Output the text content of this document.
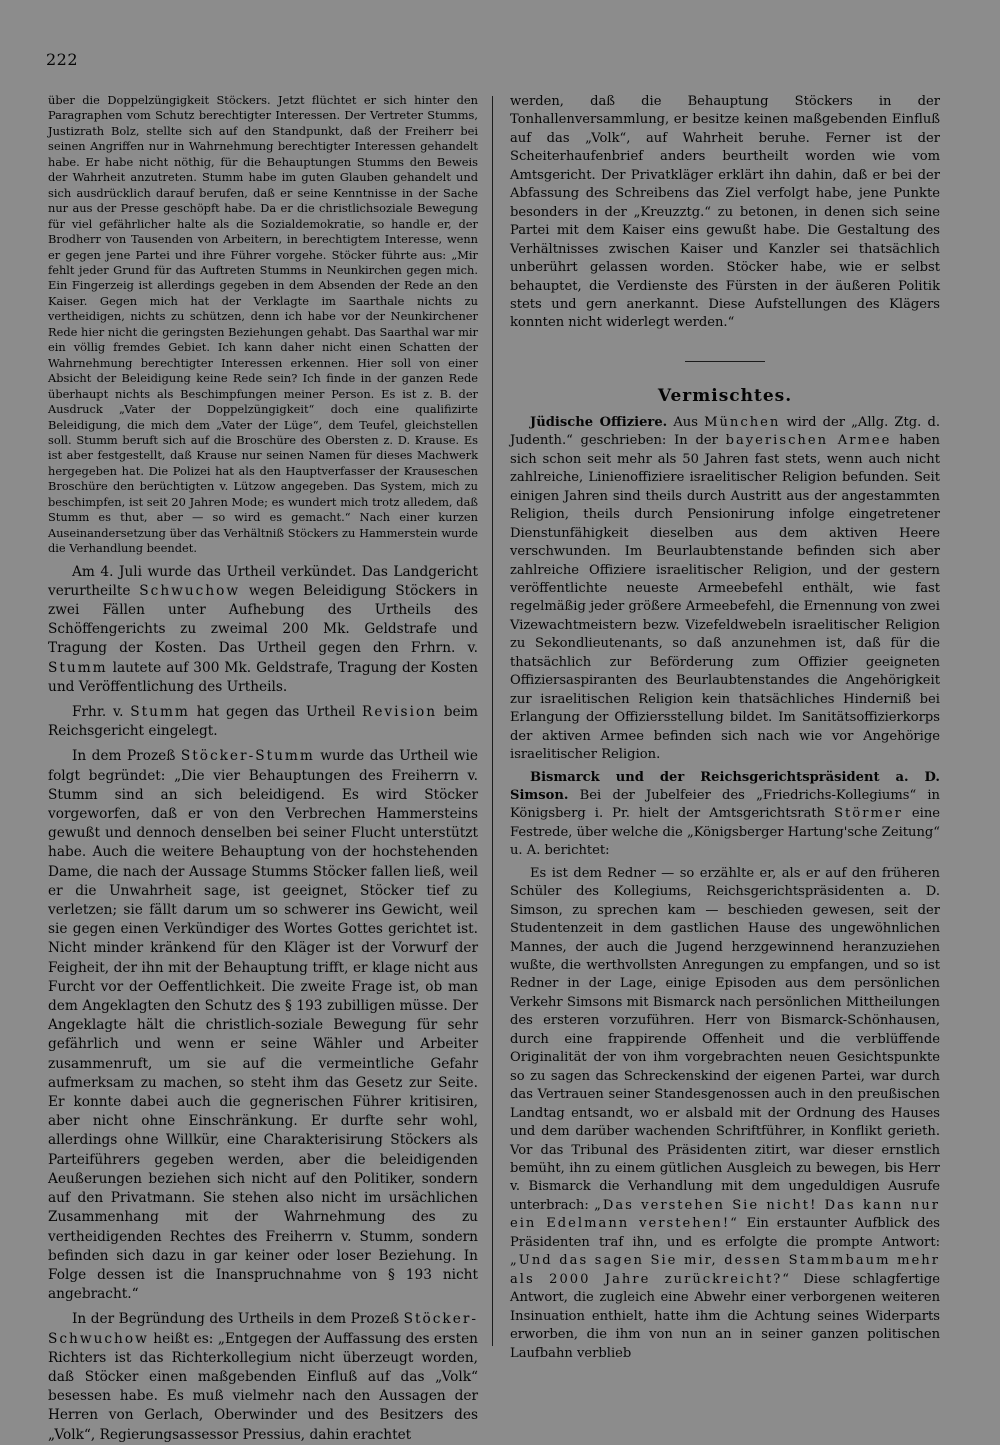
222

über die Doppelzüngigkeit Stöckers. Jetzt flüchtet er sich hinter den Paragraphen vom Schutz berechtigter Interessen. Der Vertreter Stumms, Justizrath Bolz, stellte sich auf den Standpunkt, daß der Freiherr bei seinen Angriffen nur in Wahrnehmung berechtigter Interessen gehandelt habe. Er habe nicht nöthig, für die Behauptungen Stumms den Beweis der Wahrheit anzutreten. Stumm habe im guten Glauben gehandelt und sich ausdrücklich darauf berufen, daß er seine Kenntnisse in der Sache nur aus der Presse geschöpft habe. Da er die christlichsoziale Bewegung für viel gefährlicher halte als die Sozialdemokratie, so handle er, der Brodherr von Tausenden von Arbeitern, in berechtigtem Interesse, wenn er gegen jene Partei und ihre Führer vorgehe. Stöcker führte aus: „Mir fehlt jeder Grund für das Auftreten Stumms in Neunkirchen gegen mich. Ein Fingerzeig ist allerdings gegeben in dem Absenden der Rede an den Kaiser. Gegen mich hat der Verklagte im Saarthale nichts zu vertheidigen, nichts zu schützen, denn ich habe vor der Neunkirchener Rede hier nicht die geringsten Beziehungen gehabt. Das Saarthal war mir ein völlig fremdes Gebiet. Ich kann daher nicht einen Schatten der Wahrnehmung berechtigter Interessen erkennen. Hier soll von einer Absicht der Beleidigung keine Rede sein? Ich finde in der ganzen Rede überhaupt nichts als Beschimpfungen meiner Person. Es ist z. B. der Ausdruck „Vater der Doppelzüngigkeit“ doch eine qualifizirte Beleidigung, die mich dem „Vater der Lüge“, dem Teufel, gleichstellen soll. Stumm beruft sich auf die Broschüre des Obersten z. D. Krause. Es ist aber festgestellt, daß Krause nur seinen Namen für dieses Machwerk hergegeben hat. Die Polizei hat als den Hauptverfasser der Krauseschen Broschüre den berüchtigten v. Lützow angegeben. Das System, mich zu beschimpfen, ist seit 20 Jahren Mode; es wundert mich trotz alledem, daß Stumm es thut, aber — so wird es gemacht.“ Nach einer kurzen Auseinandersetzung über das Verhältniß Stöckers zu Hammerstein wurde die Verhandlung beendet.

Am 4. Juli wurde das Urtheil verkündet. Das Landgericht verurtheilte Schwuchow wegen Beleidigung Stöckers in zwei Fällen unter Aufhebung des Urtheils des Schöffengerichts zu zweimal 200 Mk. Geldstrafe und Tragung der Kosten. Das Urtheil gegen den Frhrn. v. Stumm lautete auf 300 Mk. Geldstrafe, Tragung der Kosten und Veröffentlichung des Urtheils.

Frhr. v. Stumm hat gegen das Urtheil Revision beim Reichsgericht eingelegt.

In dem Prozeß Stöcker-Stumm wurde das Urtheil wie folgt begründet: „Die vier Behauptungen des Freiherrn v. Stumm sind an sich beleidigend. Es wird Stöcker vorgeworfen, daß er von den Verbrechen Hammersteins gewußt und dennoch denselben bei seiner Flucht unterstützt habe. Auch die weitere Behauptung von der hochstehenden Dame, die nach der Aussage Stumms Stöcker fallen ließ, weil er die Unwahrheit sage, ist geeignet, Stöcker tief zu verletzen; sie fällt darum um so schwerer ins Gewicht, weil sie gegen einen Verkündiger des Wortes Gottes gerichtet ist. Nicht minder kränkend für den Kläger ist der Vorwurf der Feigheit, der ihn mit der Behauptung trifft, er klage nicht aus Furcht vor der Oeffentlichkeit. Die zweite Frage ist, ob man dem Angeklagten den Schutz des § 193 zubilligen müsse. Der Angeklagte hält die christlich-soziale Bewegung für sehr gefährlich und wenn er seine Wähler und Arbeiter zusammenruft, um sie auf die vermeintliche Gefahr aufmerksam zu machen, so steht ihm das Gesetz zur Seite. Er konnte dabei auch die gegnerischen Führer kritisiren, aber nicht ohne Einschränkung. Er durfte sehr wohl, allerdings ohne Willkür, eine Charakterisirung Stöckers als Parteiführers gegeben werden, aber die beleidigenden Aeußerungen beziehen sich nicht auf den Politiker, sondern auf den Privatmann. Sie stehen also nicht im ursächlichen Zusammenhang mit der Wahrnehmung des zu vertheidigenden Rechtes des Freiherrn v. Stumm, sondern befinden sich dazu in gar keiner oder loser Beziehung. In Folge dessen ist die Inanspruchnahme von § 193 nicht angebracht.“

In der Begründung des Urtheils in dem Prozeß Stöcker-Schwuchow heißt es: „Entgegen der Auffassung des ersten Richters ist das Richterkollegium nicht überzeugt worden, daß Stöcker einen maßgebenden Einfluß auf das „Volk“ besessen habe. Es muß vielmehr nach den Aussagen der Herren von Gerlach, Oberwinder und des Besitzers des „Volk“, Regierungsassessor Pressius, dahin erachtet

werden, daß die Behauptung Stöckers in der Tonhallenversammlung, er besitze keinen maßgebenden Einfluß auf das „Volk“, auf Wahrheit beruhe. Ferner ist der Scheiterhaufenbrief anders beurtheilt worden wie vom Amtsgericht. Der Privatkläger erklärt ihn dahin, daß er bei der Abfassung des Schreibens das Ziel verfolgt habe, jene Punkte besonders in der „Kreuzztg.“ zu betonen, in denen sich seine Partei mit dem Kaiser eins gewußt habe. Die Gestaltung des Verhältnisses zwischen Kaiser und Kanzler sei thatsächlich unberührt gelassen worden. Stöcker habe, wie er selbst behauptet, die Verdienste des Fürsten in der äußeren Politik stets und gern anerkannt. Diese Aufstellungen des Klägers konnten nicht widerlegt werden.“

Vermischtes.

Jüdische Offiziere. Aus München wird der „Allg. Ztg. d. Judenth.“ geschrieben: In der bayerischen Armee haben sich schon seit mehr als 50 Jahren fast stets, wenn auch nicht zahlreiche, Linienoffiziere israelitischer Religion befunden. Seit einigen Jahren sind theils durch Austritt aus der angestammten Religion, theils durch Pensionirung infolge eingetretener Dienstunfähigkeit dieselben aus dem aktiven Heere verschwunden. Im Beurlaubtenstande befinden sich aber zahlreiche Offiziere israelitischer Religion, und der gestern veröffentlichte neueste Armeebefehl enthält, wie fast regelmäßig jeder größere Armeebefehl, die Ernennung von zwei Vizewachtmeistern bezw. Vizefeldwebeln israelitischer Religion zu Sekondlieutenants, so daß anzunehmen ist, daß für die thatsächlich zur Beförderung zum Offizier geeigneten Offiziersaspiranten des Beurlaubtenstandes die Angehörigkeit zur israelitischen Religion kein thatsächliches Hinderniß bei Erlangung der Offiziersstellung bildet. Im Sanitätsoffizierkorps der aktiven Armee befinden sich nach wie vor Angehörige israelitischer Religion.

Bismarck und der Reichsgerichtspräsident a. D. Simson. Bei der Jubelfeier des „Friedrichs-Kollegiums“ in Königsberg i. Pr. hielt der Amtsgerichtsrath Störmer eine Festrede, über welche die „Königsberger Hartung'sche Zeitung“ u. A. berichtet:

Es ist dem Redner — so erzählte er, als er auf den früheren Schüler des Kollegiums, Reichsgerichtspräsidenten a. D. Simson, zu sprechen kam — beschieden gewesen, seit der Studentenzeit in dem gastlichen Hause des ungewöhnlichen Mannes, der auch die Jugend herzgewinnend heranzuziehen wußte, die werthvollsten Anregungen zu empfangen, und so ist Redner in der Lage, einige Episoden aus dem persönlichen Verkehr Simsons mit Bismarck nach persönlichen Mittheilungen des ersteren vorzuführen. Herr von Bismarck-Schönhausen, durch eine frappirende Offenheit und die verblüffende Originalität der von ihm vorgebrachten neuen Gesichtspunkte so zu sagen das Schreckenskind der eigenen Partei, war durch das Vertrauen seiner Standesgenossen auch in den preußischen Landtag entsandt, wo er alsbald mit der Ordnung des Hauses und dem darüber wachenden Schriftführer, in Konflikt gerieth. Vor das Tribunal des Präsidenten zitirt, war dieser ernstlich bemüht, ihn zu einem gütlichen Ausgleich zu bewegen, bis Herr v. Bismarck die Verhandlung mit dem ungeduldigen Ausrufe unterbrach: „Das verstehen Sie nicht! Das kann nur ein Edelmann verstehen!“ Ein erstaunter Aufblick des Präsidenten traf ihn, und es erfolgte die prompte Antwort: „Und das sagen Sie mir, dessen Stammbaum mehr als 2000 Jahre zurückreicht?“ Diese schlagfertige Antwort, die zugleich eine Abwehr einer verborgenen weiteren Insinuation enthielt, hatte ihm die Achtung seines Widerparts erworben, die ihm von nun an in seiner ganzen politischen Laufbahn verblieb
